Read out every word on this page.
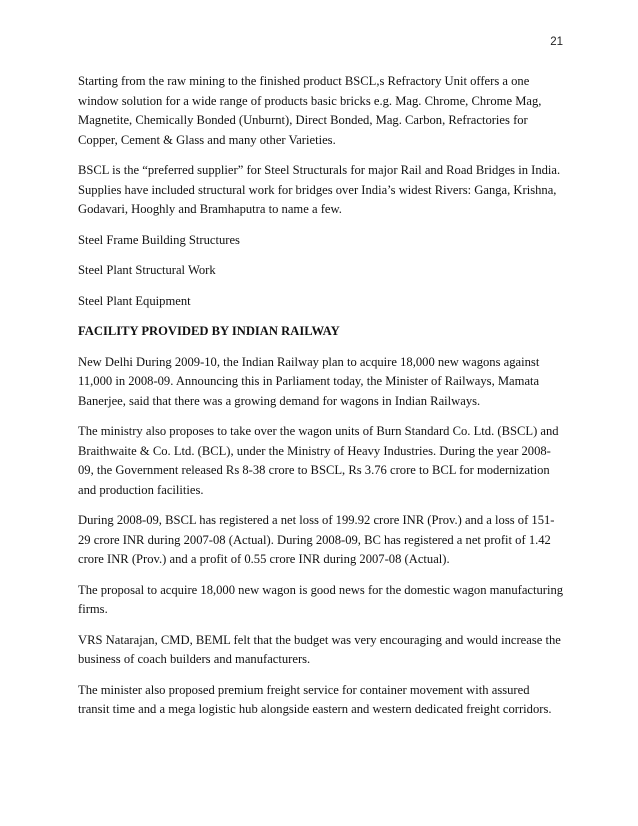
21

Starting from the raw mining to the finished product BSCL,s Refractory Unit offers a one window solution for a wide range of products basic bricks e.g. Mag. Chrome, Chrome Mag, Magnetite, Chemically Bonded (Unburnt), Direct Bonded, Mag. Carbon, Refractories for Copper, Cement & Glass and many other Varieties.

BSCL is the “preferred supplier” for Steel Structurals for major Rail and Road Bridges in India. Supplies have included structural work for bridges over India’s widest Rivers: Ganga, Krishna, Godavari, Hooghly and Bramhaputra to name a few.

Steel Frame Building Structures

Steel Plant Structural Work

Steel Plant Equipment

FACILITY PROVIDED BY INDIAN RAILWAY

New Delhi During 2009-10, the Indian Railway plan to acquire 18,000 new wagons against 11,000 in 2008-09. Announcing this in Parliament today, the Minister of Railways, Mamata Banerjee, said that there was a growing demand for wagons in Indian Railways.

The ministry also proposes to take over the wagon units of Burn Standard Co. Ltd. (BSCL) and Braithwaite & Co. Ltd. (BCL), under the Ministry of Heavy Industries. During the year 2008-09, the Government released Rs 8-38 crore to BSCL, Rs 3.76 crore to BCL for modernization and production facilities.

During 2008-09, BSCL has registered a net loss of 199.92 crore INR (Prov.) and a loss of 151-29 crore INR during 2007-08 (Actual). During 2008-09, BC has registered a net profit of 1.42 crore INR (Prov.) and a profit of 0.55 crore INR during 2007-08 (Actual).

The proposal to acquire 18,000 new wagon is good news for the domestic wagon manufacturing firms.

VRS Natarajan, CMD, BEML felt that the budget was very encouraging and would increase the business of coach builders and manufacturers.

The minister also proposed premium freight service for container movement with assured transit time and a mega logistic hub alongside eastern and western dedicated freight corridors.
